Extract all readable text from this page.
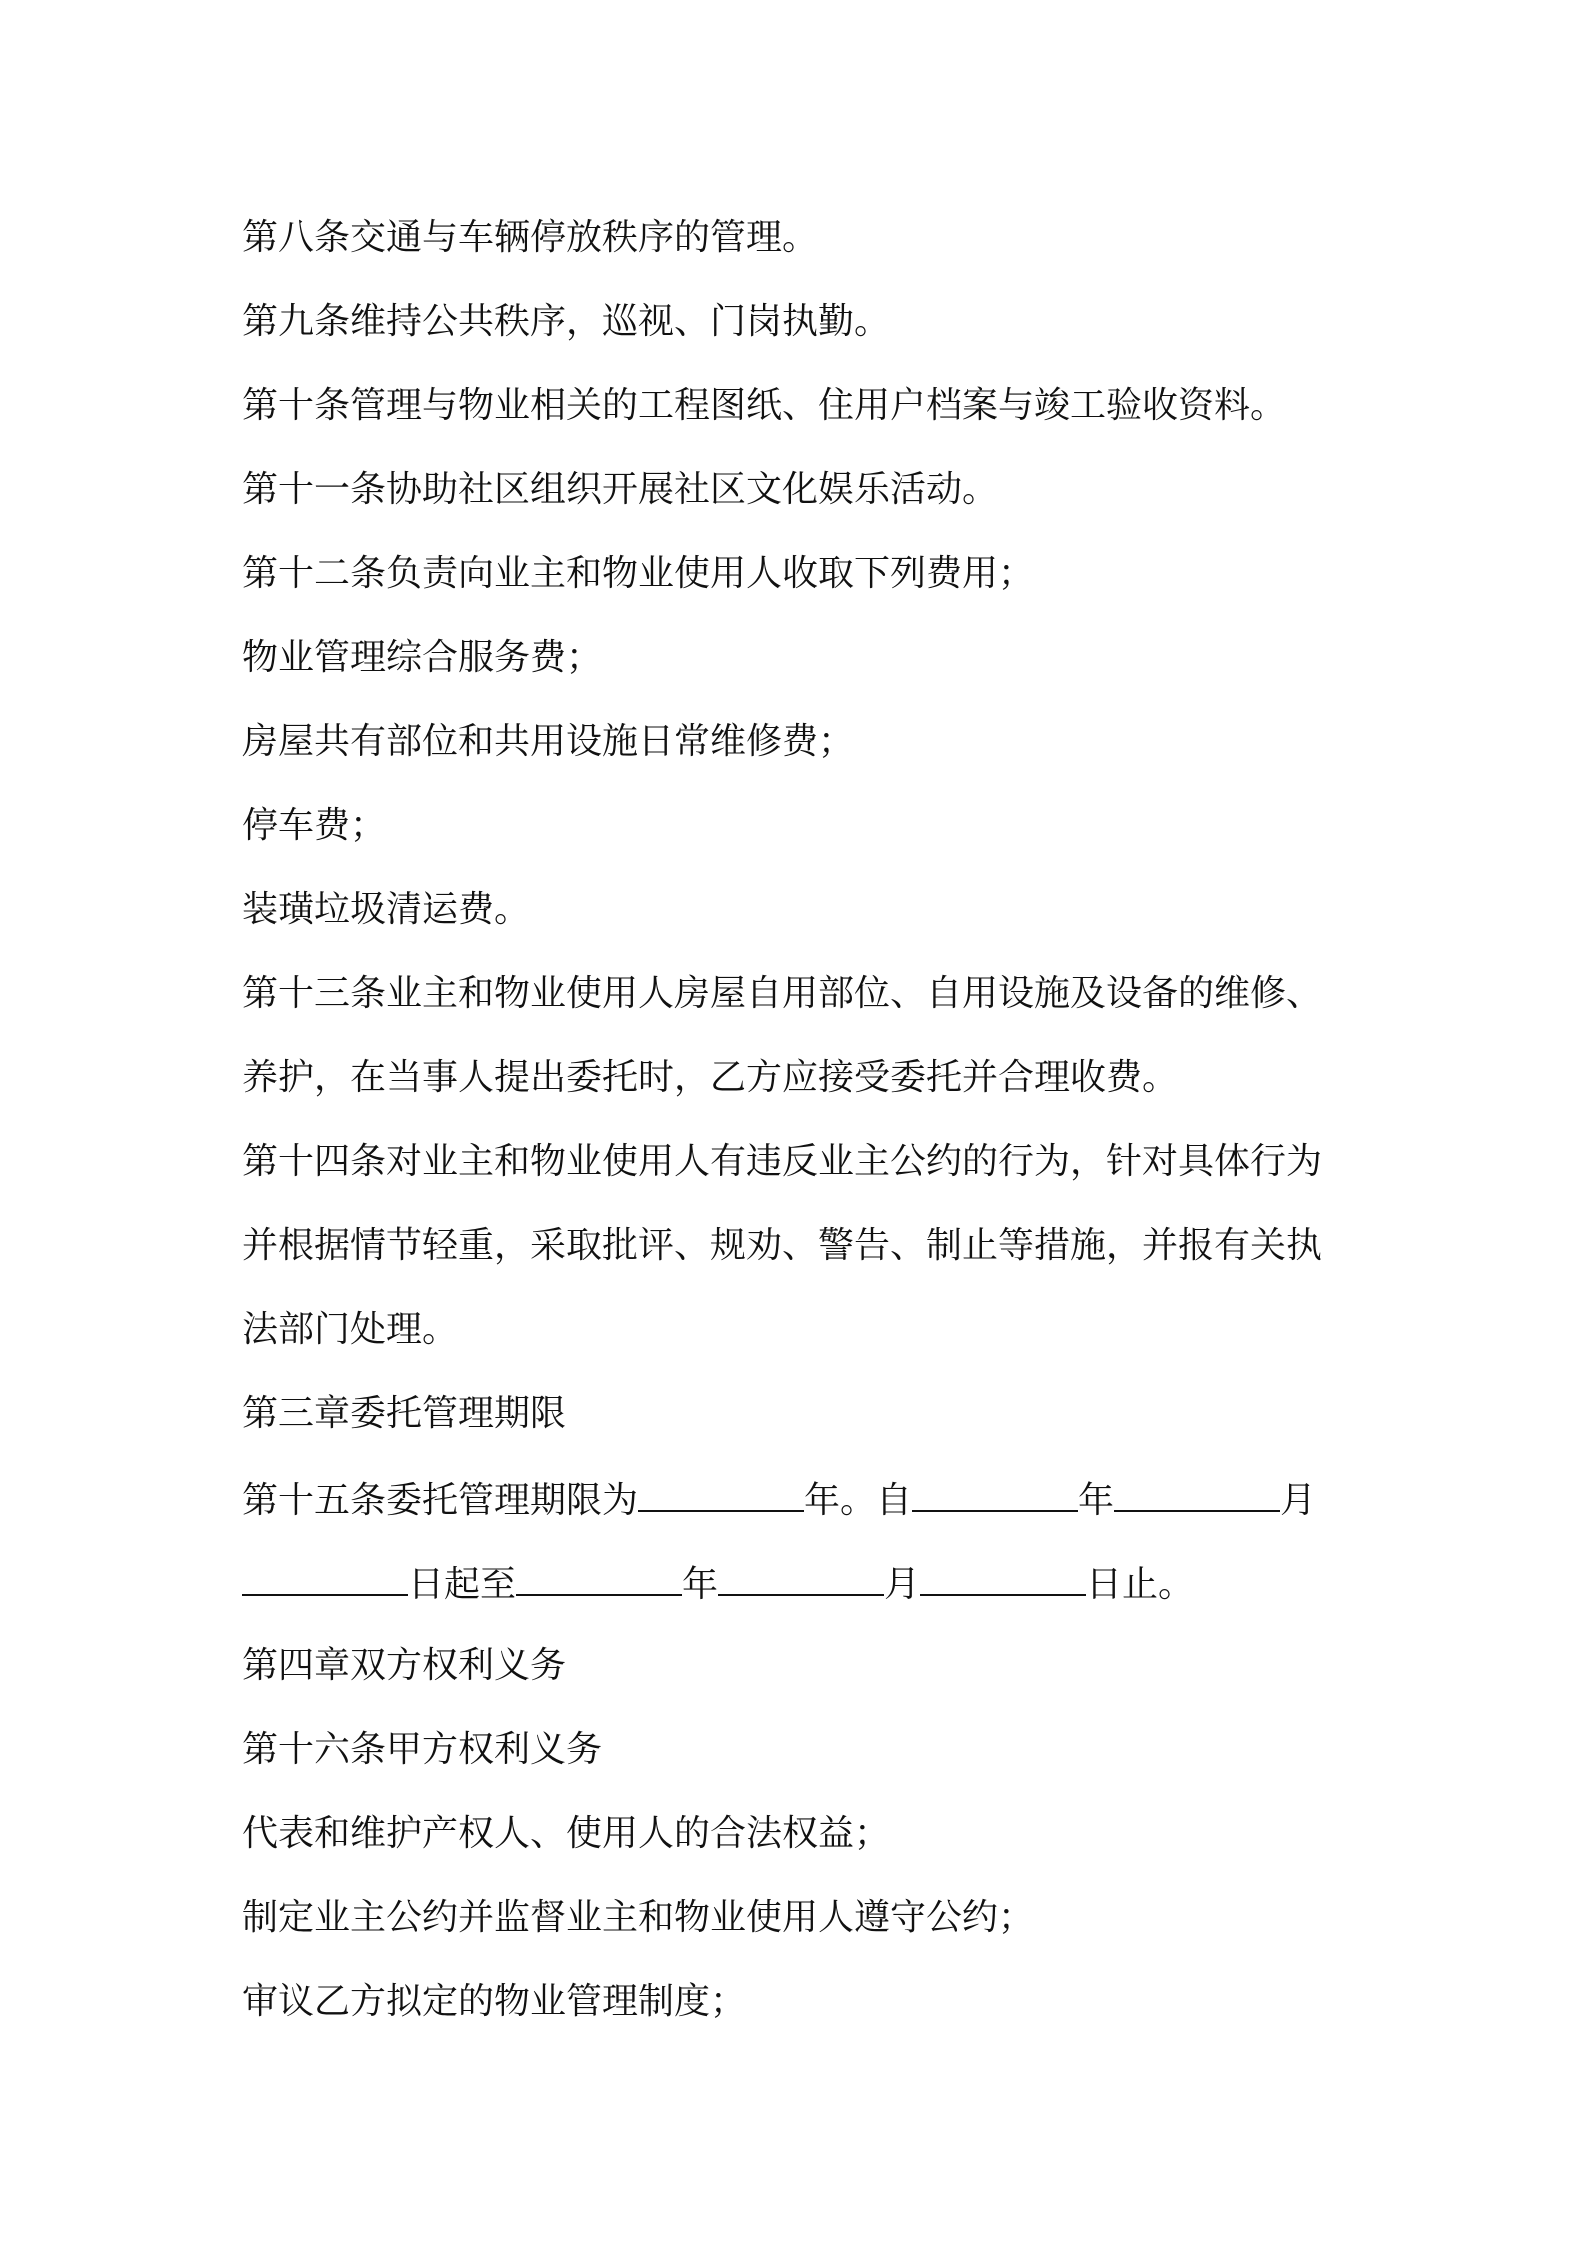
第八条交通与车辆停放秩序的管理。
第九条维持公共秩序，巡视、门岗执勤。
第十条管理与物业相关的工程图纸、住用户档案与竣工验收资料。
第十一条协助社区组织开展社区文化娱乐活动。
第十二条负责向业主和物业使用人收取下列费用；
物业管理综合服务费；
房屋共有部位和共用设施日常维修费；
停车费；
装璜垃圾清运费。
第十三条业主和物业使用人房屋自用部位、自用设施及设备的维修、
养护，在当事人提出委托时，乙方应接受委托并合理收费。
第十四条对业主和物业使用人有违反业主公约的行为，针对具体行为
并根据情节轻重，采取批评、规劝、警告、制止等措施，并报有关执
法部门处理。
第三章委托管理期限
第十五条委托管理期限为	年。自	年	月
日起至	年	月	日止。
第四章双方权利义务
第十六条甲方权利义务
代表和维护产权人、使用人的合法权益；
制定业主公约并监督业主和物业使用人遵守公约；
审议乙方拟定的物业管理制度；
